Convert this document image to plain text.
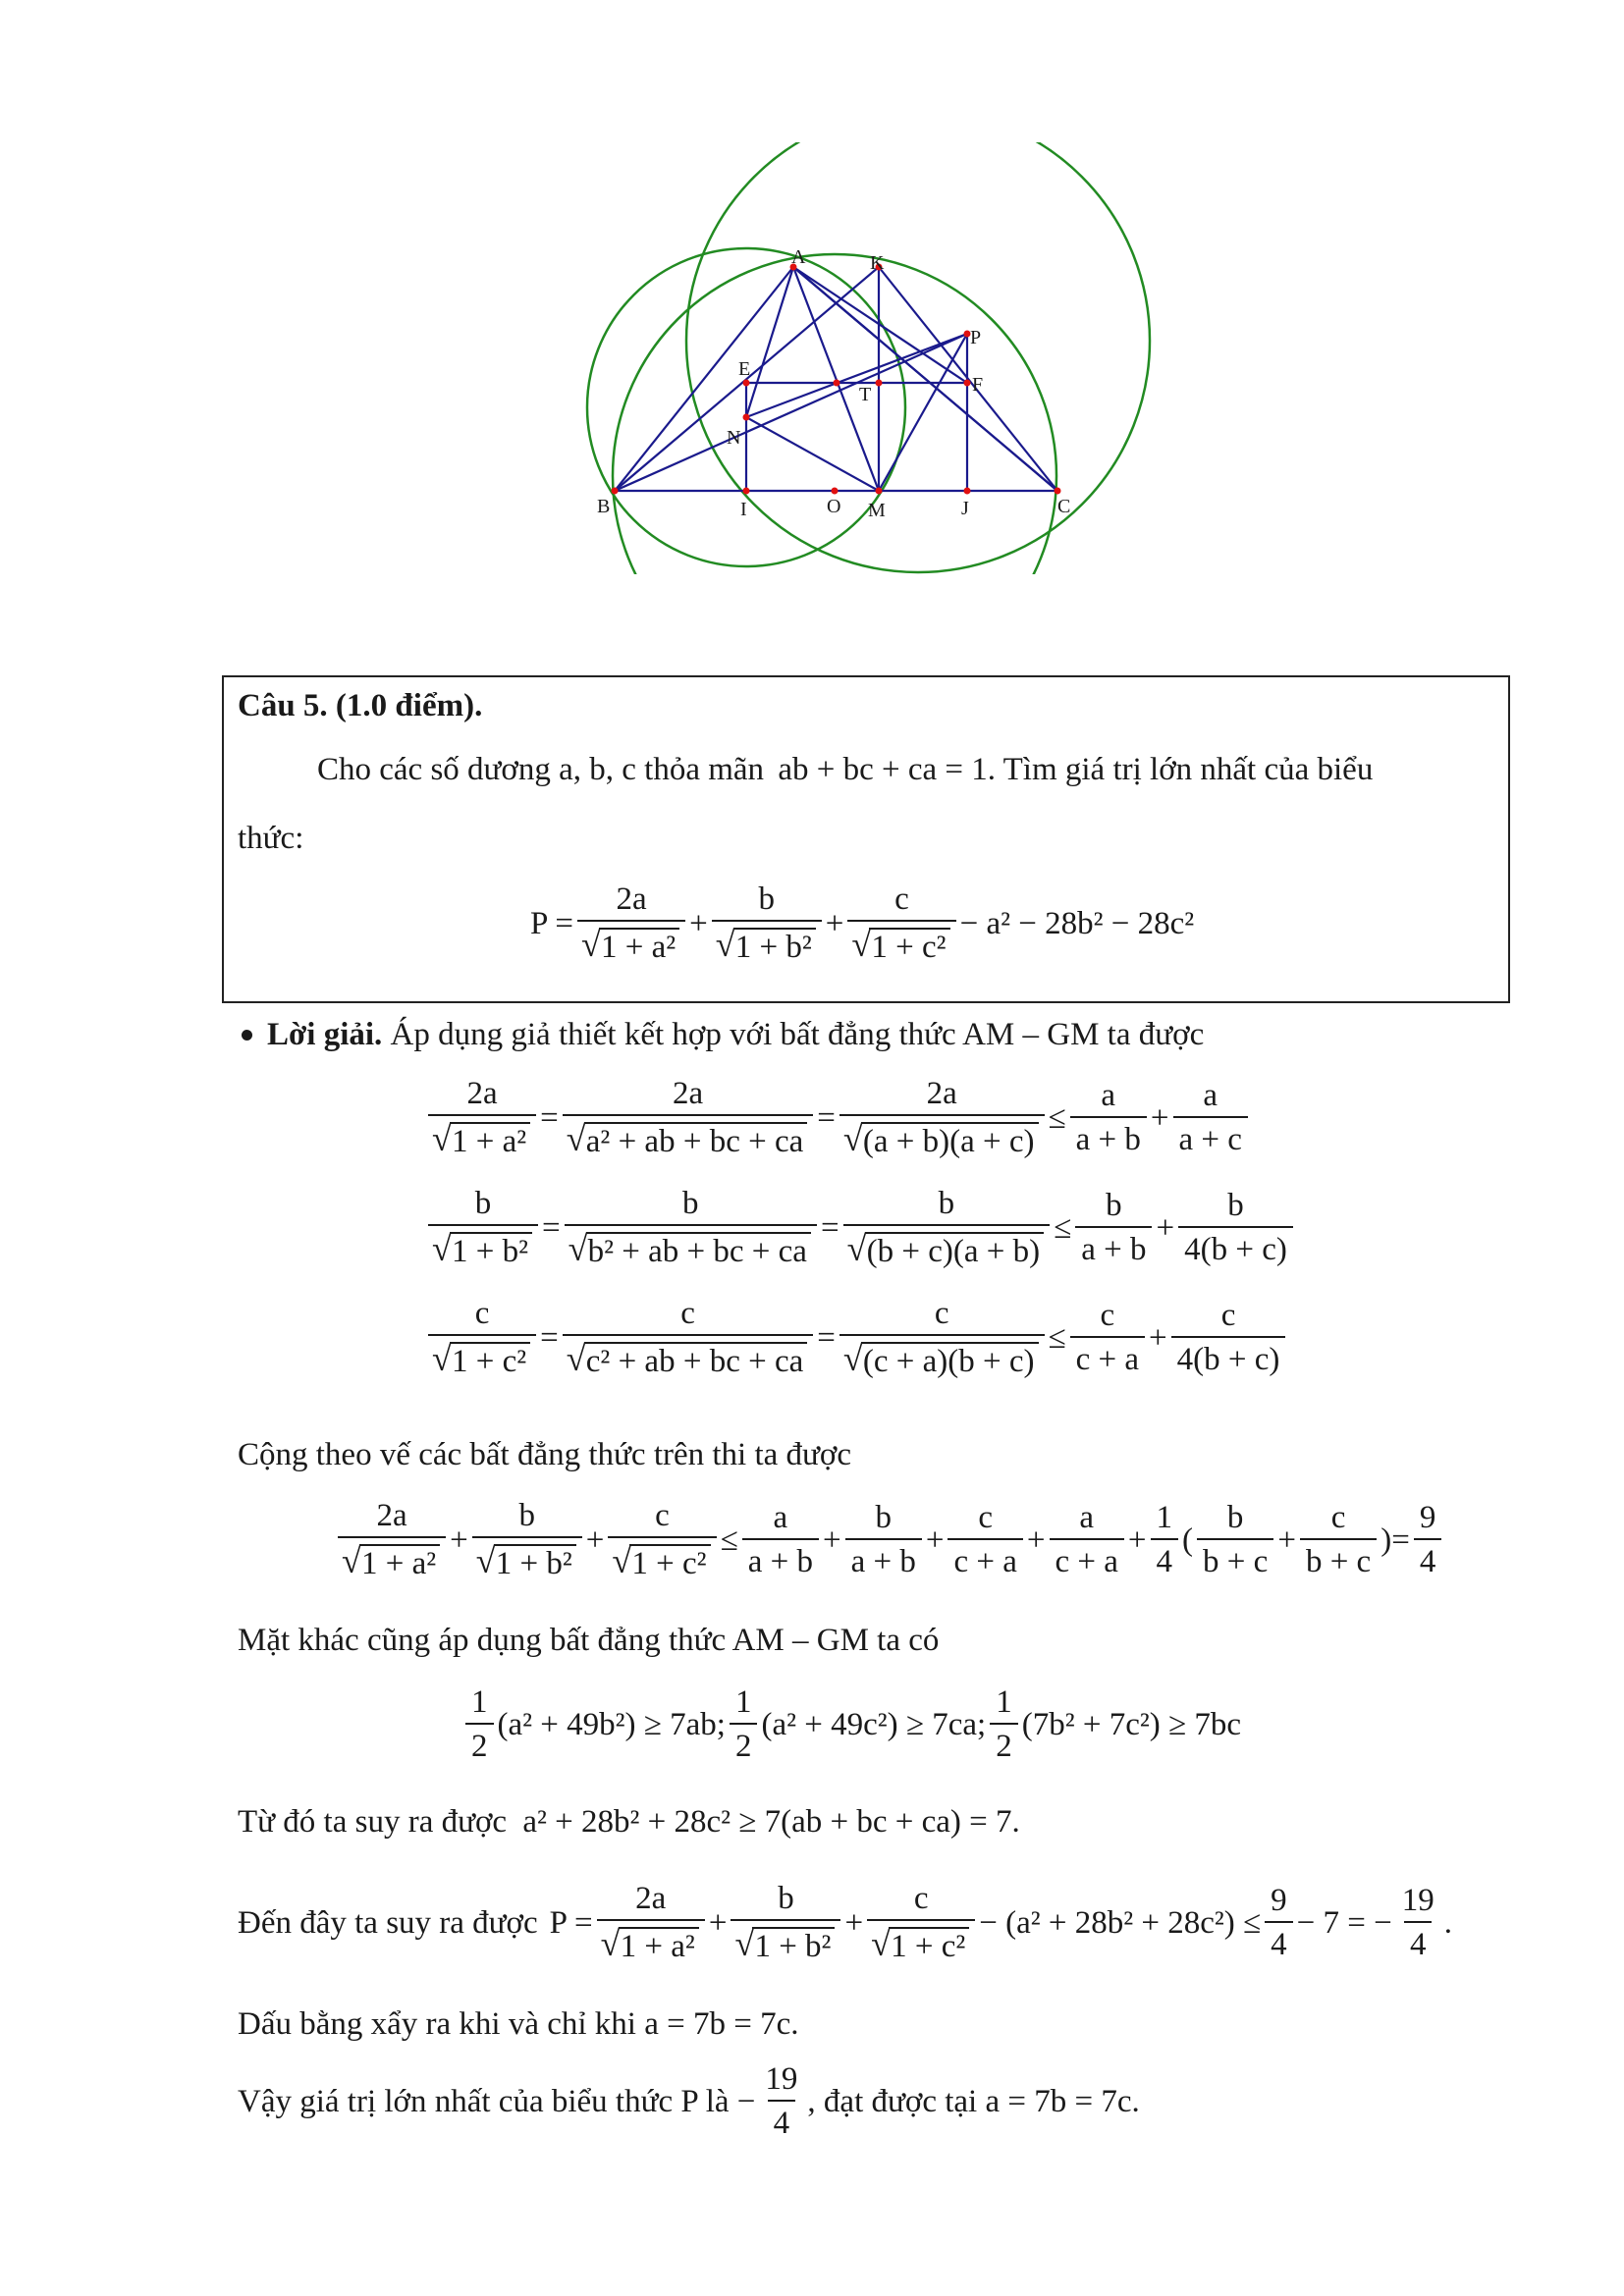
A	K
P
E
F
T
N
B	I	O M	J	C
Câu 5. (1.0 điểm).
Cho các số dương a, b, c thỏa mãn ab + bc + ca = 1. Tìm giá trị lớn nhất của biểu
thức:
P = 2a
√ 1 + a² + b
√ 1 + b² + c
√ 1 + c² − a² − 28b² − 28c²
Lời giải. Áp dụng giả thiết kết hợp với bất đẳng thức AM – GM ta được
2a
√ 1 + a² = 2a
√ a² + ab + bc + ca = 2a
√ $(a + b)(a + c) \le \frac{a}{a + b} + \frac{a}{a + c}$
b
√ 1 + b² = b
√ b² + ab + bc + ca = b
√ $(b + c)(a + b) \le \frac{b}{a + b} + \frac{b}{4(b + c)}$
c
√ 1 + c² = c
√ c² + ab + bc + ca = c
√ $(c + a)(b + c) \le \frac{c}{c + a} + \frac{c}{4(b + c)}$
Cộng theo vế các bất đẳng thức trên thi ta được
2a
√ 1 + a² + b
√ 1 + b² + c
√ $1 + c^2 \le \frac{a}{a + b} + \frac{b}{a + b} + \frac{c}{c + a} + \frac{a}{c + a} + \frac{1}{4}$ ( $\frac{b}{b + c} + \frac{c}{b + c}$ )= $\frac{9}{4}$
Mặt khác cũng áp dụng bất đẳng thức AM – GM ta có
$\frac{1}{2} (a^2 + 49b^2) \ge 7ab$; $\frac{1}{2} (a^2 + 49c^2) \ge 7ca$; $\frac{1}{2} (7b^2 + 7c^2) \ge 7bc$
Từ đó ta suy ra được a² + 28b² + 28c² ≥ 7(ab + bc + ca) = 7.
Đến đây ta suy ra được P = 2a
√ 1 + a² + b
√ 1 + b² + c
√ $1 + c^2 - (a^2 + 28b^2 + 28c^2) \le \frac{9}{4} - 7$ = − $\frac{19}{4}$ .
Dấu bằng xẩy ra khi và chỉ khi a = 7b = 7c.
Vậy giá trị lớn nhất của biểu thức P là − $\frac{19}{4}$ , đạt được tại a = 7b = 7c.
